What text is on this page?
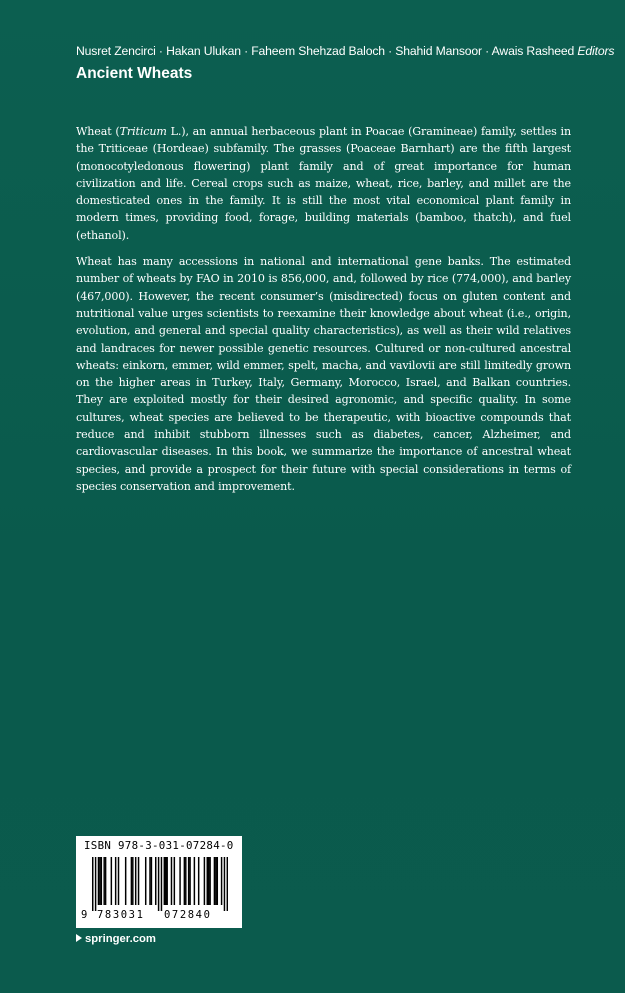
Nusret Zencirci · Hakan Ulukan · Faheem Shehzad Baloch · Shahid Mansoor · Awais Rasheed Editors
Ancient Wheats

Wheat (Triticum L.), an annual herbaceous plant in Poacae (Gramineae) family, settles in the Triticeae (Hordeae) subfamily. The grasses (Poaceae Barnhart) are the fifth largest (monocotyledonous flowering) plant family and of great importance for human civilization and life. Cereal crops such as maize, wheat, rice, barley, and millet are the domesticated ones in the family. It is still the most vital economical plant family in modern times, providing food, forage, building materials (bamboo, thatch), and fuel (ethanol).

Wheat has many accessions in national and international gene banks. The estimated number of wheats by FAO in 2010 is 856,000, and, followed by rice (774,000), and barley (467,000). However, the recent consumer’s (misdirected) focus on gluten content and nutritional value urges scientists to reexamine their knowledge about wheat (i.e., origin, evolution, and general and special quality characteristics), as well as their wild relatives and landraces for newer possible genetic resources. Cultured or non-cultured ancestral wheats: einkorn, emmer, wild emmer, spelt, macha, and vavilovii are still limitedly grown on the higher areas in Turkey, Italy, Germany, Morocco, Israel, and Balkan countries. They are exploited mostly for their desired agronomic, and specific quality. In some cultures, wheat species are believed to be therapeutic, with bioactive compounds that reduce and inhibit stubborn illnesses such as diabetes, cancer, Alzheimer, and cardiovascular diseases. In this book, we summarize the importance of ancestral wheat species, and provide a prospect for their future with special considerations in terms of species conservation and improvement.

ISBN 978-3-031-07284-0
9 783031 072840
springer.com
